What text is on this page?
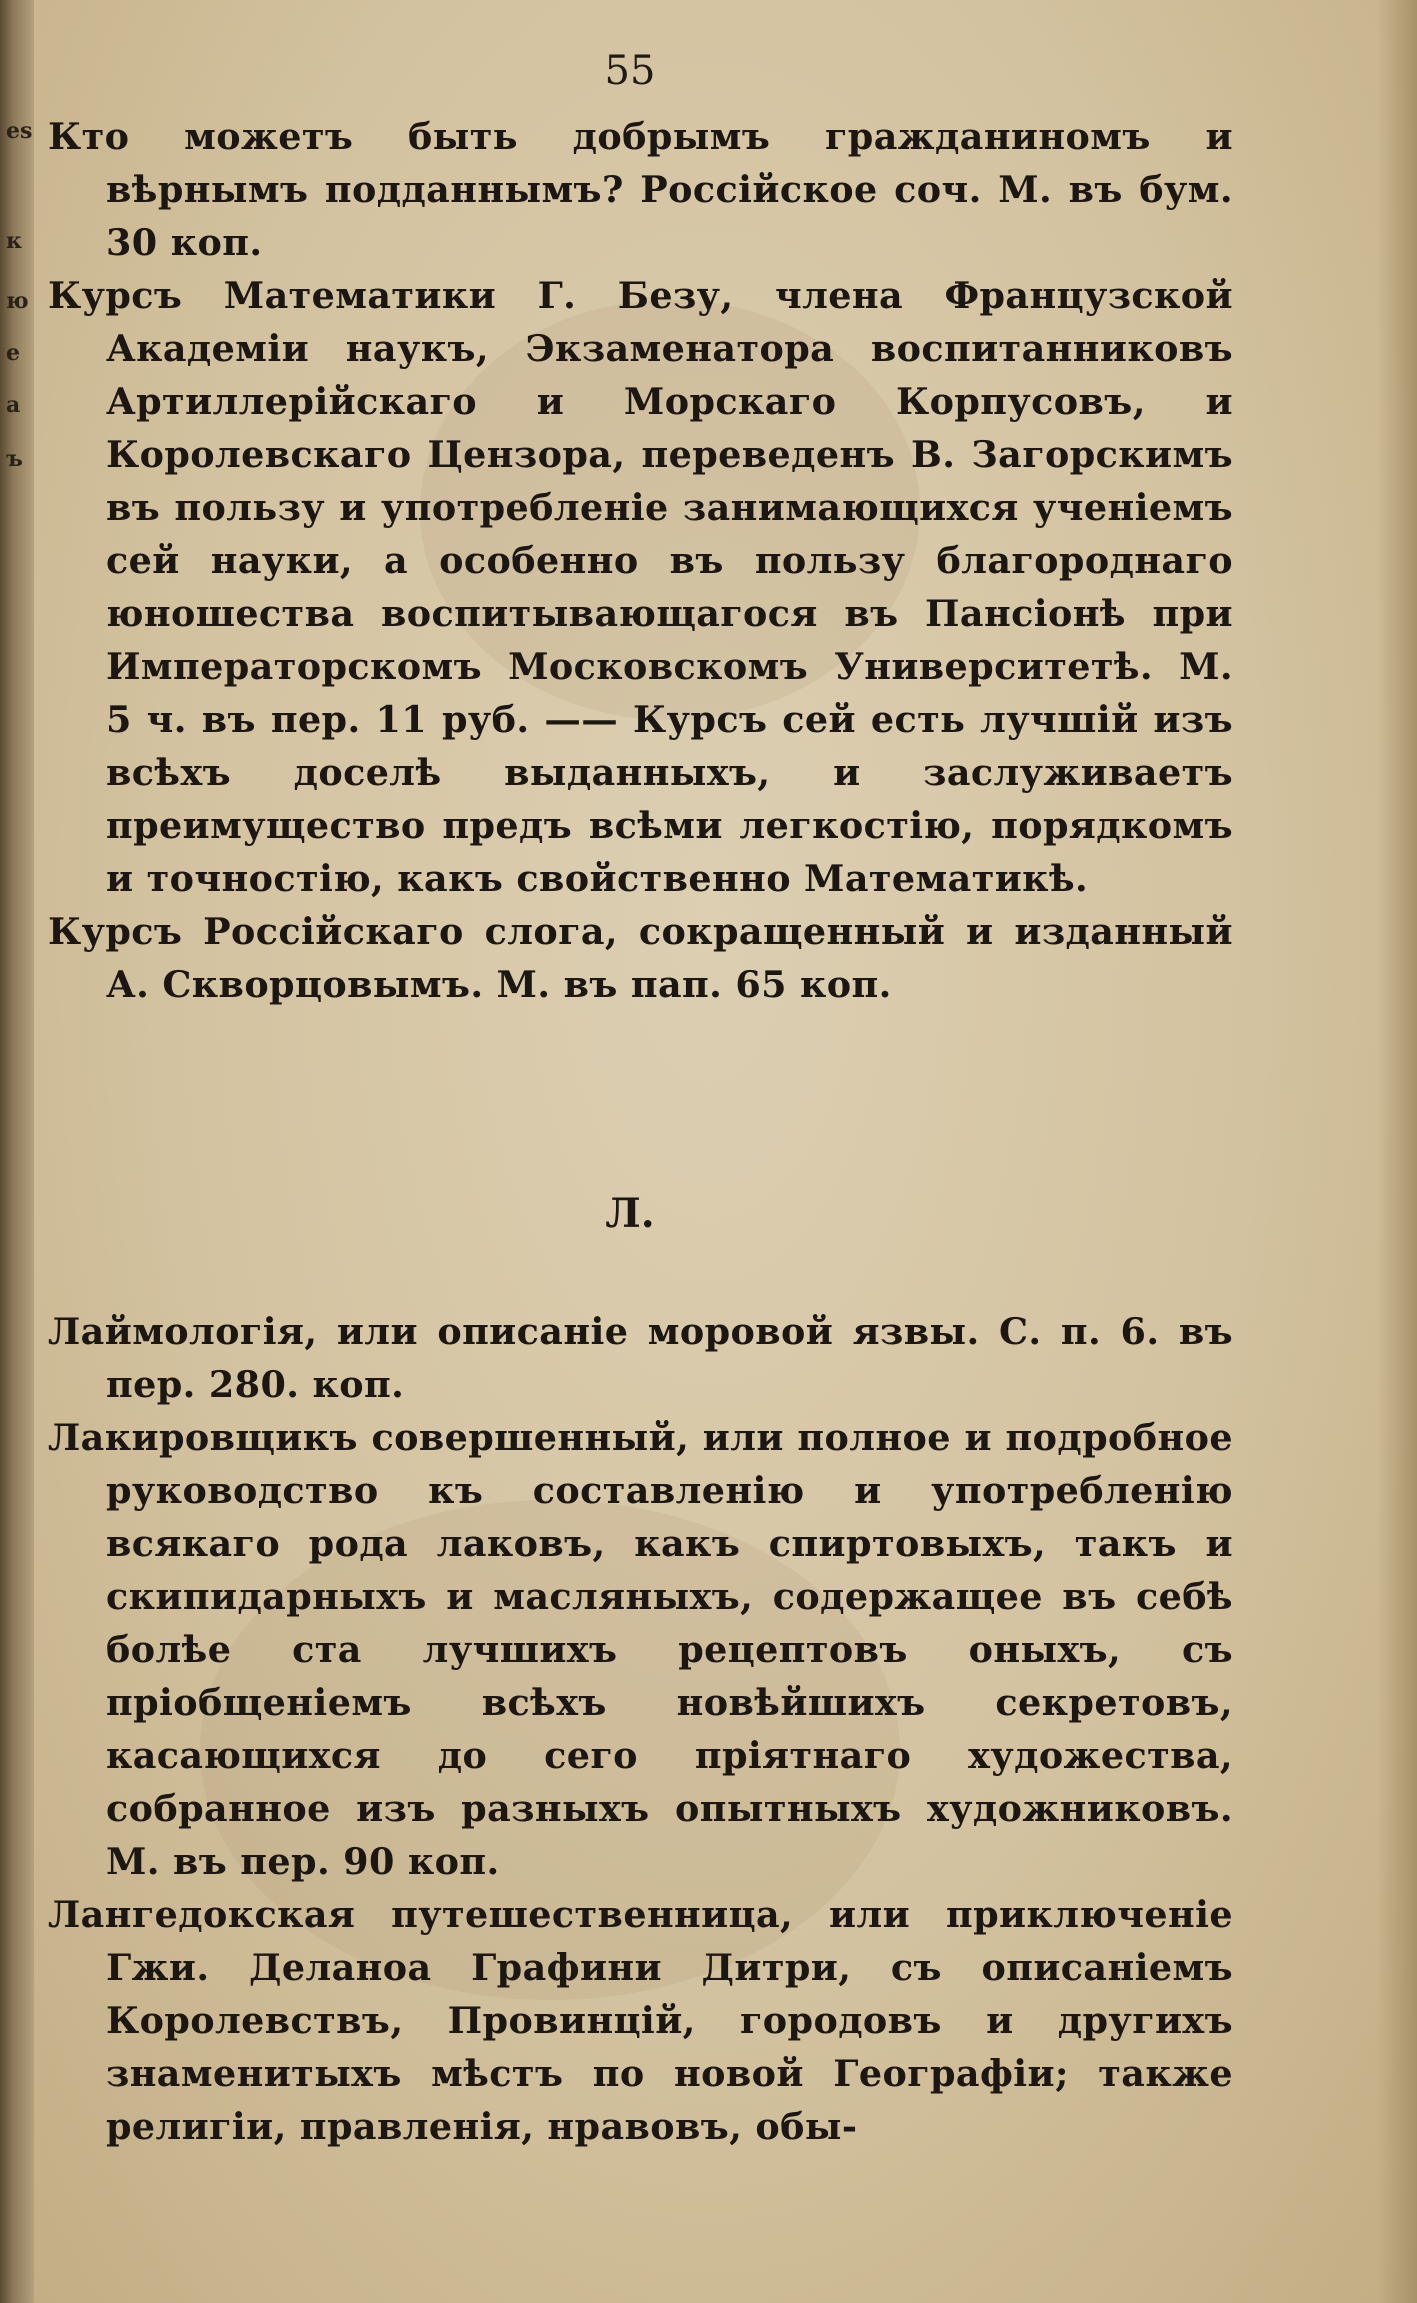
es
к
ю
е
а
ъ
55

Кто можетъ быть добрымъ гражданиномъ и вѣрнымъ подданнымъ? Россійское соч. М. въ бум. 30 коп.

Курсъ Математики Г. Безу, члена Французской Академіи наукъ, Экзаменатора воспитанниковъ Артиллерійскаго и Морскаго Корпусовъ, и Королевскаго Цензора, переведенъ В. Загорскимъ въ пользу и употребленіе занимающихся ученіемъ сей науки, а особенно въ пользу благороднаго юношества воспитывающагося въ Пансіонѣ при Императорскомъ Московскомъ Университетѣ. М. 5 ч. въ пер. 11 руб. —— Курсъ сей есть лучшій изъ всѣхъ доселѣ выданныхъ, и заслуживаетъ преимущество предъ всѣми легкостію, порядкомъ и точностію, какъ свойственно Математикѣ.

Курсъ Россійскаго слога, сокращенный и изданный А. Скворцовымъ. М. въ пап. 65 коп.

Л.

Лаймологія, или описаніе моровой язвы. С. п. 6. въ пер. 280. коп.

Лакировщикъ совершенный, или полное и подробное руководство къ составленію и употребленію всякаго рода лаковъ, какъ спиртовыхъ, такъ и скипидарныхъ и масляныхъ, содержащее въ себѣ болѣе ста лучшихъ рецептовъ оныхъ, съ пріобщеніемъ всѣхъ новѣйшихъ секретовъ, касающихся до сего пріятнаго художества, собранное изъ разныхъ опытныхъ художниковъ. М. въ пер. 90 коп.

Лангедокская путешественница, или приключеніе Гжи. Деланоа Графини Дитри, съ описаніемъ Королевствъ, Провинцій, городовъ и другихъ знаменитыхъ мѣстъ по новой Географіи; также религіи, правленія, нравовъ, обы-
